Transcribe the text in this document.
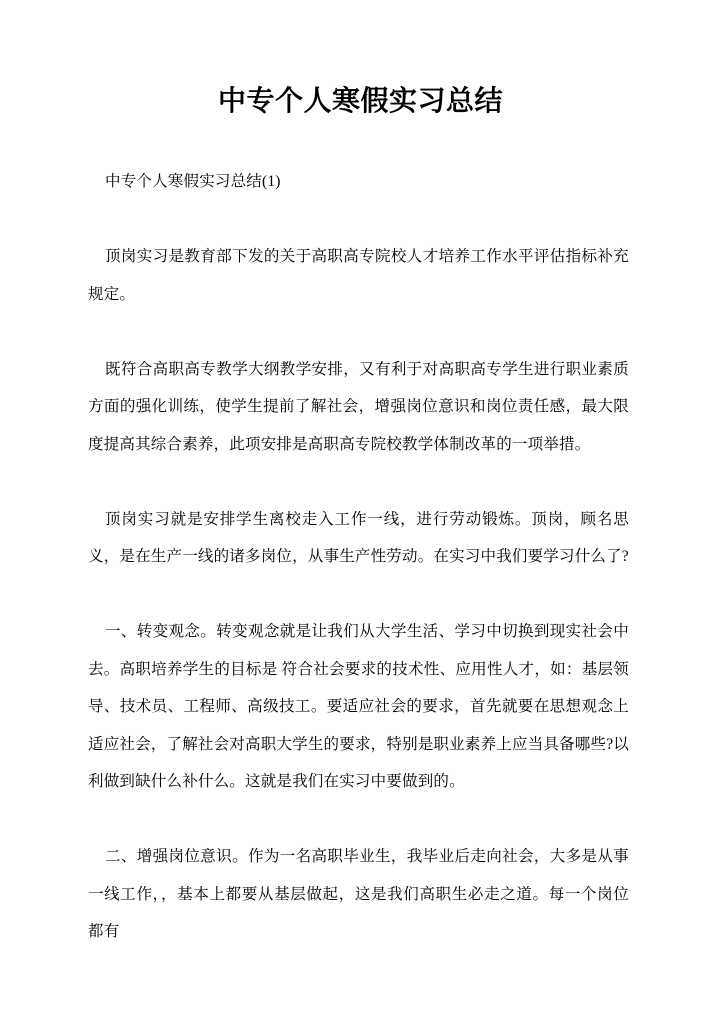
中专个人寒假实习总结

中专个人寒假实习总结(1)

顶岗实习是教育部下发的关于高职高专院校人才培养工作水平评估指标补充规定。

既符合高职高专教学大纲教学安排，又有利于对高职高专学生进行职业素质方面的强化训练，使学生提前了解社会，增强岗位意识和岗位责任感，最大限度提高其综合素养，此项安排是高职高专院校教学体制改革的一项举措。

顶岗实习就是安排学生离校走入工作一线，进行劳动锻炼。顶岗，顾名思义，是在生产一线的诸多岗位，从事生产性劳动。在实习中我们要学习什么了?

一、转变观念。转变观念就是让我们从大学生活、学习中切换到现实社会中去。高职培养学生的目标是 符合社会要求的技术性、应用性人才，如：基层领导、技术员、工程师、高级技工。要适应社会的要求，首先就要在思想观念上适应社会，了解社会对高职大学生的要求，特别是职业素养上应当具备哪些?以利做到缺什么补什么。这就是我们在实习中要做到的。

二、增强岗位意识。作为一名高职毕业生，我毕业后走向社会，大多是从事一线工作，，基本上都要从基层做起，这是我们高职生必走之道。每一个岗位都有
